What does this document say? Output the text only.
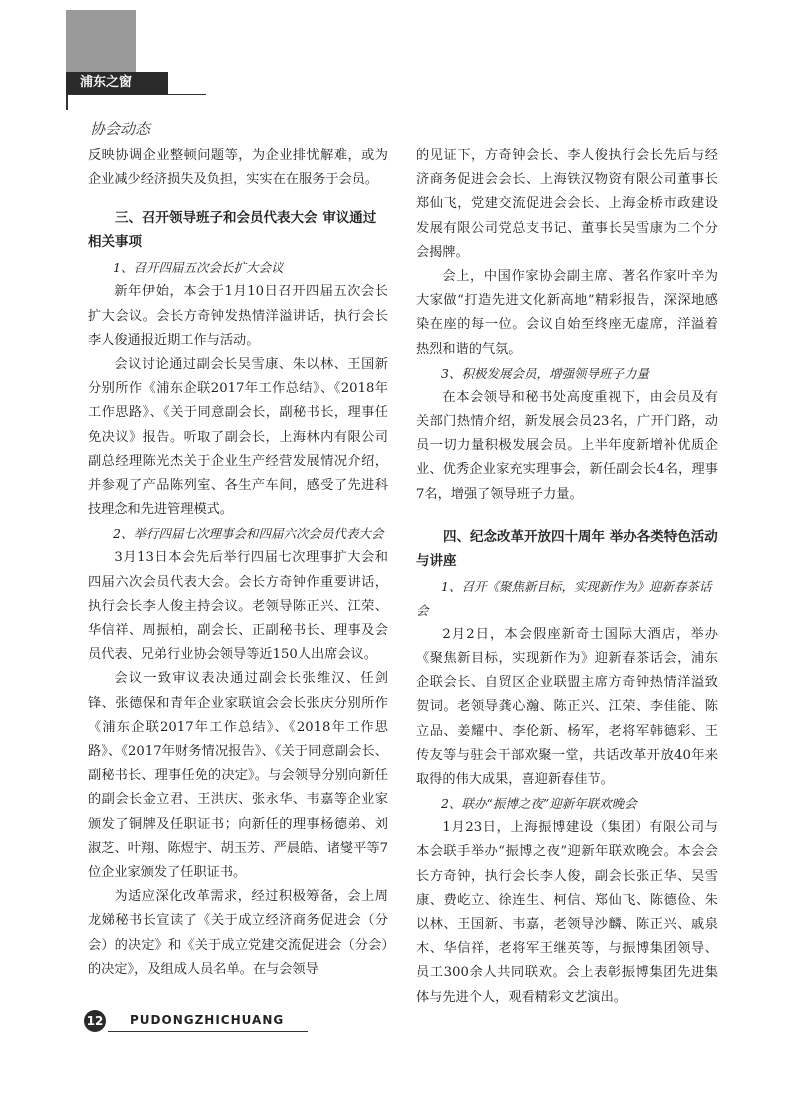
浦东之窗
协会动态

反映协调企业整顿问题等，为企业排忧解难，或为企业减少经济损失及负担，实实在在服务于会员。

三、召开领导班子和会员代表大会 审议通过相关事项
1、召开四届五次会长扩大会议

新年伊始，本会于1月10日召开四届五次会长扩大会议。会长方奇钟发热情洋溢讲话，执行会长李人俊通报近期工作与活动。

会议讨论通过副会长吴雪康、朱以林、王国新分别所作《浦东企联2017年工作总结》、《2018年工作思路》、《关于同意副会长，副秘书长，理事任免决议》报告。听取了副会长，上海林内有限公司副总经理陈光杰关于企业生产经营发展情况介绍，并参观了产品陈列室、各生产车间，感受了先进科技理念和先进管理模式。

2、举行四届七次理事会和四届六次会员代表大会

3月13日本会先后举行四届七次理事扩大会和四届六次会员代表大会。会长方奇钟作重要讲话，执行会长李人俊主持会议。老领导陈正兴、江荣、华信祥、周振柏，副会长、正副秘书长、理事及会员代表、兄弟行业协会领导等近150人出席会议。

会议一致审议表决通过副会长张维汉、任剑锋、张德保和青年企业家联谊会会长张庆分别所作《浦东企联2017年工作总结》、《2018年工作思路》、《2017年财务情况报告》、《关于同意副会长、副秘书长、理事任免的决定》。与会领导分别向新任的副会长金立君、王洪庆、张永华、韦嘉等企业家颁发了铜牌及任职证书；向新任的理事杨德弟、刘淑芝、叶翔、陈煜宇、胡玉芳、严晨皓、诸燮平等7位企业家颁发了任职证书。

为适应深化改革需求，经过积极筹备，会上周龙娣秘书长宣读了《关于成立经济商务促进会（分会）的决定》和《关于成立党建交流促进会（分会）的决定》，及组成人员名单。在与会领导

的见证下，方奇钟会长、李人俊执行会长先后与经济商务促进会会长、上海铁汉物资有限公司董事长郑仙飞，党建交流促进会会长、上海金桥市政建设发展有限公司党总支书记、董事长吴雪康为二个分会揭牌。

会上，中国作家协会副主席、著名作家叶辛为大家做“打造先进文化新高地”精彩报告，深深地感染在座的每一位。会议自始至终座无虚席，洋溢着热烈和谐的气氛。

3、积极发展会员，增强领导班子力量

在本会领导和秘书处高度重视下，由会员及有关部门热情介绍，新发展会员23名，广开门路，动员一切力量积极发展会员。上半年度新增补优质企业、优秀企业家充实理事会，新任副会长4名，理事7名，增强了领导班子力量。

四、纪念改革开放四十周年 举办各类特色活动与讲座
1、召开《聚焦新目标，实现新作为》迎新春茶话会

2月2日，本会假座新奇士国际大酒店，举办《聚焦新目标，实现新作为》迎新春茶话会，浦东企联会长、自贸区企业联盟主席方奇钟热情洋溢致贺词。老领导龚心瀚、陈正兴、江荣、李佳能、陈立品、姜耀中、李伦新、杨军，老将军韩德彩、王传友等与驻会干部欢聚一堂，共话改革开放40年来取得的伟大成果，喜迎新春佳节。

2、联办“振博之夜”迎新年联欢晚会

1月23日，上海振博建设（集团）有限公司与本会联手举办“振博之夜”迎新年联欢晚会。本会会长方奇钟，执行会长李人俊，副会长张正华、吴雪康、费屹立、徐连生、柯信、郑仙飞、陈德俭、朱以林、王国新、韦嘉，老领导沙麟、陈正兴、戚泉木、华信祥，老将军王继英等，与振博集团领导、员工300余人共同联欢。会上表彰振博集团先进集体与先进个人，观看精彩文艺演出。

12 PUDONGZHICHUANG
